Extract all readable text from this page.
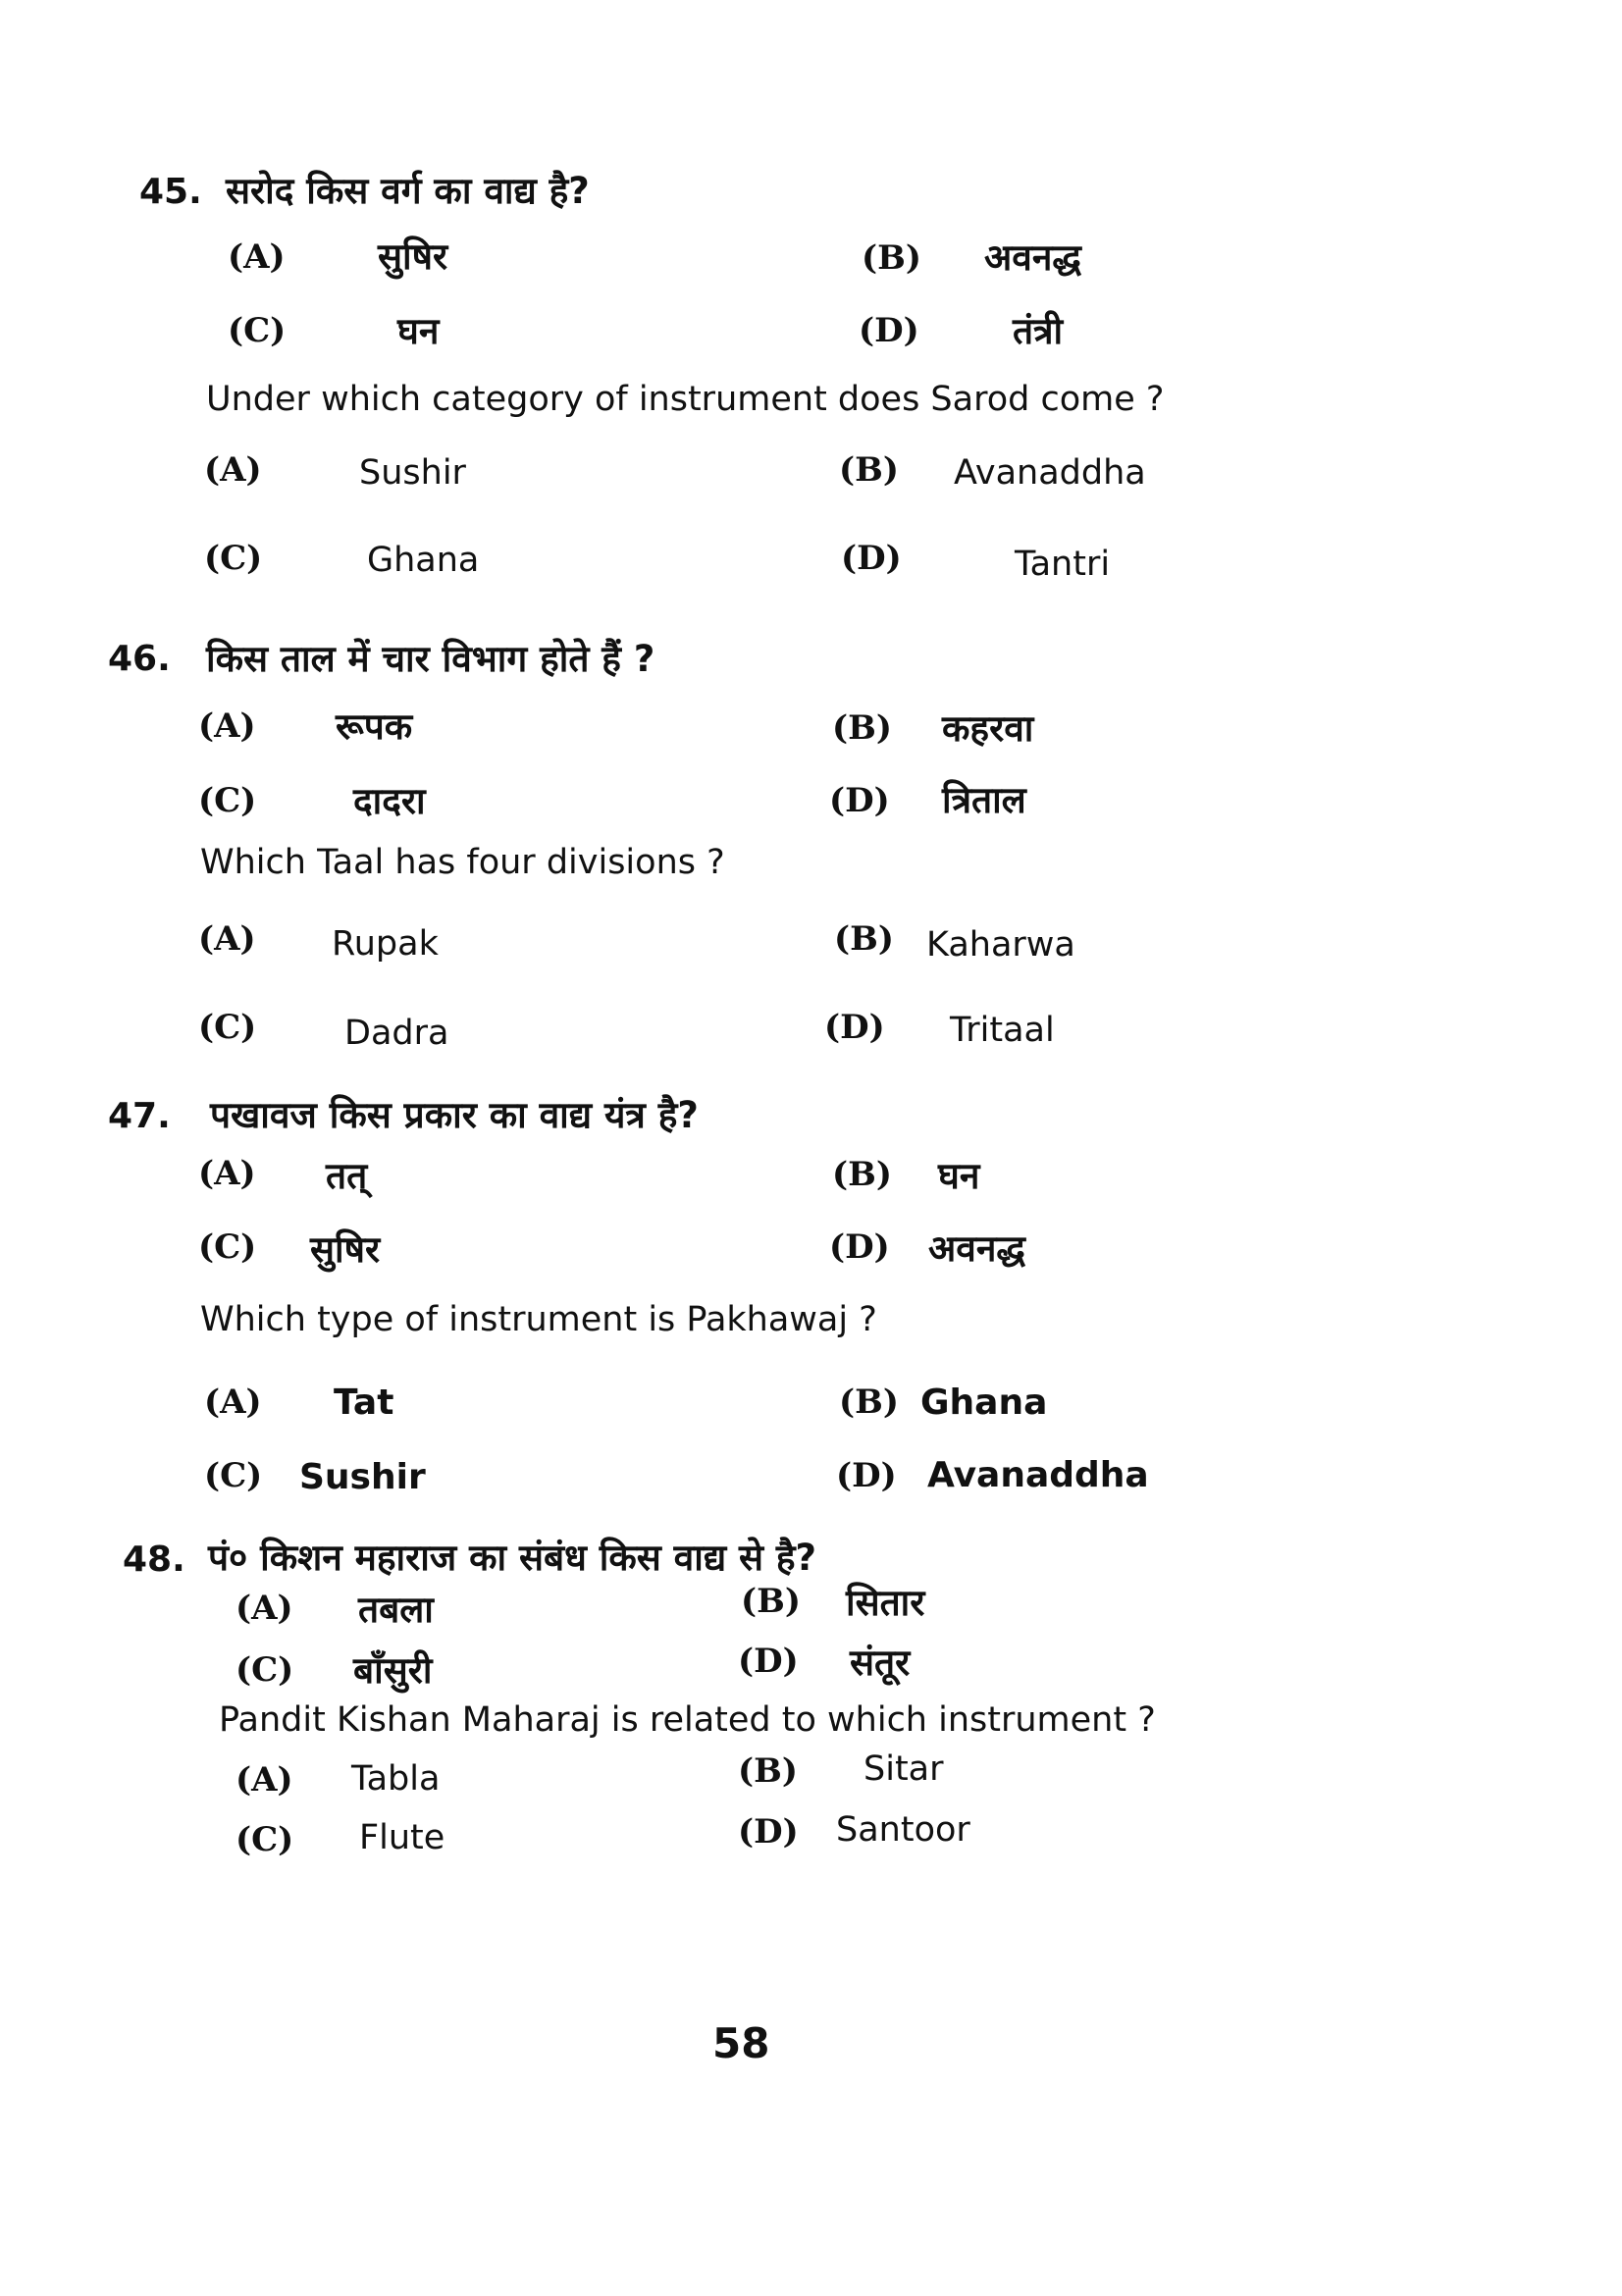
45. सरोद किस वर्ग का वाद्य है?
(A)	सुषिर	(B) अवनद्ध
(C)	घन	(D)	तंत्री
Under which category of instrument does Sarod come ?
(A)	Sushir	(B) Avanaddha
(C)	Ghana	(D)	Tantri
46. किस ताल में चार विभाग होते हैं ?
(A) रूपक	(B) कहरवा
(C)	दादरा	(D) त्रिताल
Which Taal has four divisions ?
(A) Rupak	(B) Kaharwa
(C)	Dadra	(D) Tritaal
47. पखावज किस प्रकार का वाद्य यंत्र है?
(A) तत्	(B) घन
(C) सुषिर	(D) अवनद्ध
Which type of instrument is Pakhawaj ?
(A) Tat	(B) Ghana
(C) Sushir	(D) Avanaddha
48. पं० किशन महाराज का संबंध किस वाद्य से है?
(A) तबला	(B) सितार
(C) बाँसुरी	(D) संतूर
Pandit Kishan Maharaj is related to which instrument ?
(A) Tabla	(B) Sitar
(C) Flute	(D) Santoor
58
